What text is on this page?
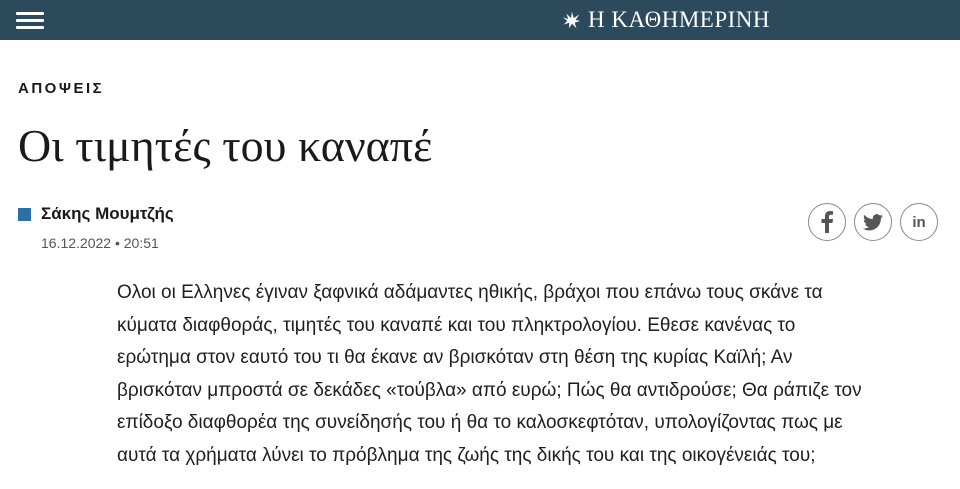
Η ΚΑΘΗΜΕΡΙΝΗ
ΑΠΟΨΕΙΣ
Οι τιμητές του καναπέ
Σάκης Μουμτζής
16.12.2022 • 20:51
in
Ολοι οι Ελληνες έγιναν ξαφνικά αδάμαντες ηθικής, βράχοι που επάνω τους σκάνε τα
κύματα διαφθοράς, τιμητές του καναπέ και του πληκτρολογίου. Εθεσε κανένας το
ερώτημα στον εαυτό του τι θα έκανε αν βρισκόταν στη θέση της κυρίας Καϊλή; Αν
βρισκόταν μπροστά σε δεκάδες «τούβλα» από ευρώ; Πώς θα αντιδρούσε; Θα ράπιζε τον
επίδοξο διαφθορέα της συνείδησής του ή θα το καλοσκεφτόταν, υπολογίζοντας πως με
αυτά τα χρήματα λύνει το πρόβλημα της ζωής της δικής του και της οικογένειάς του;
